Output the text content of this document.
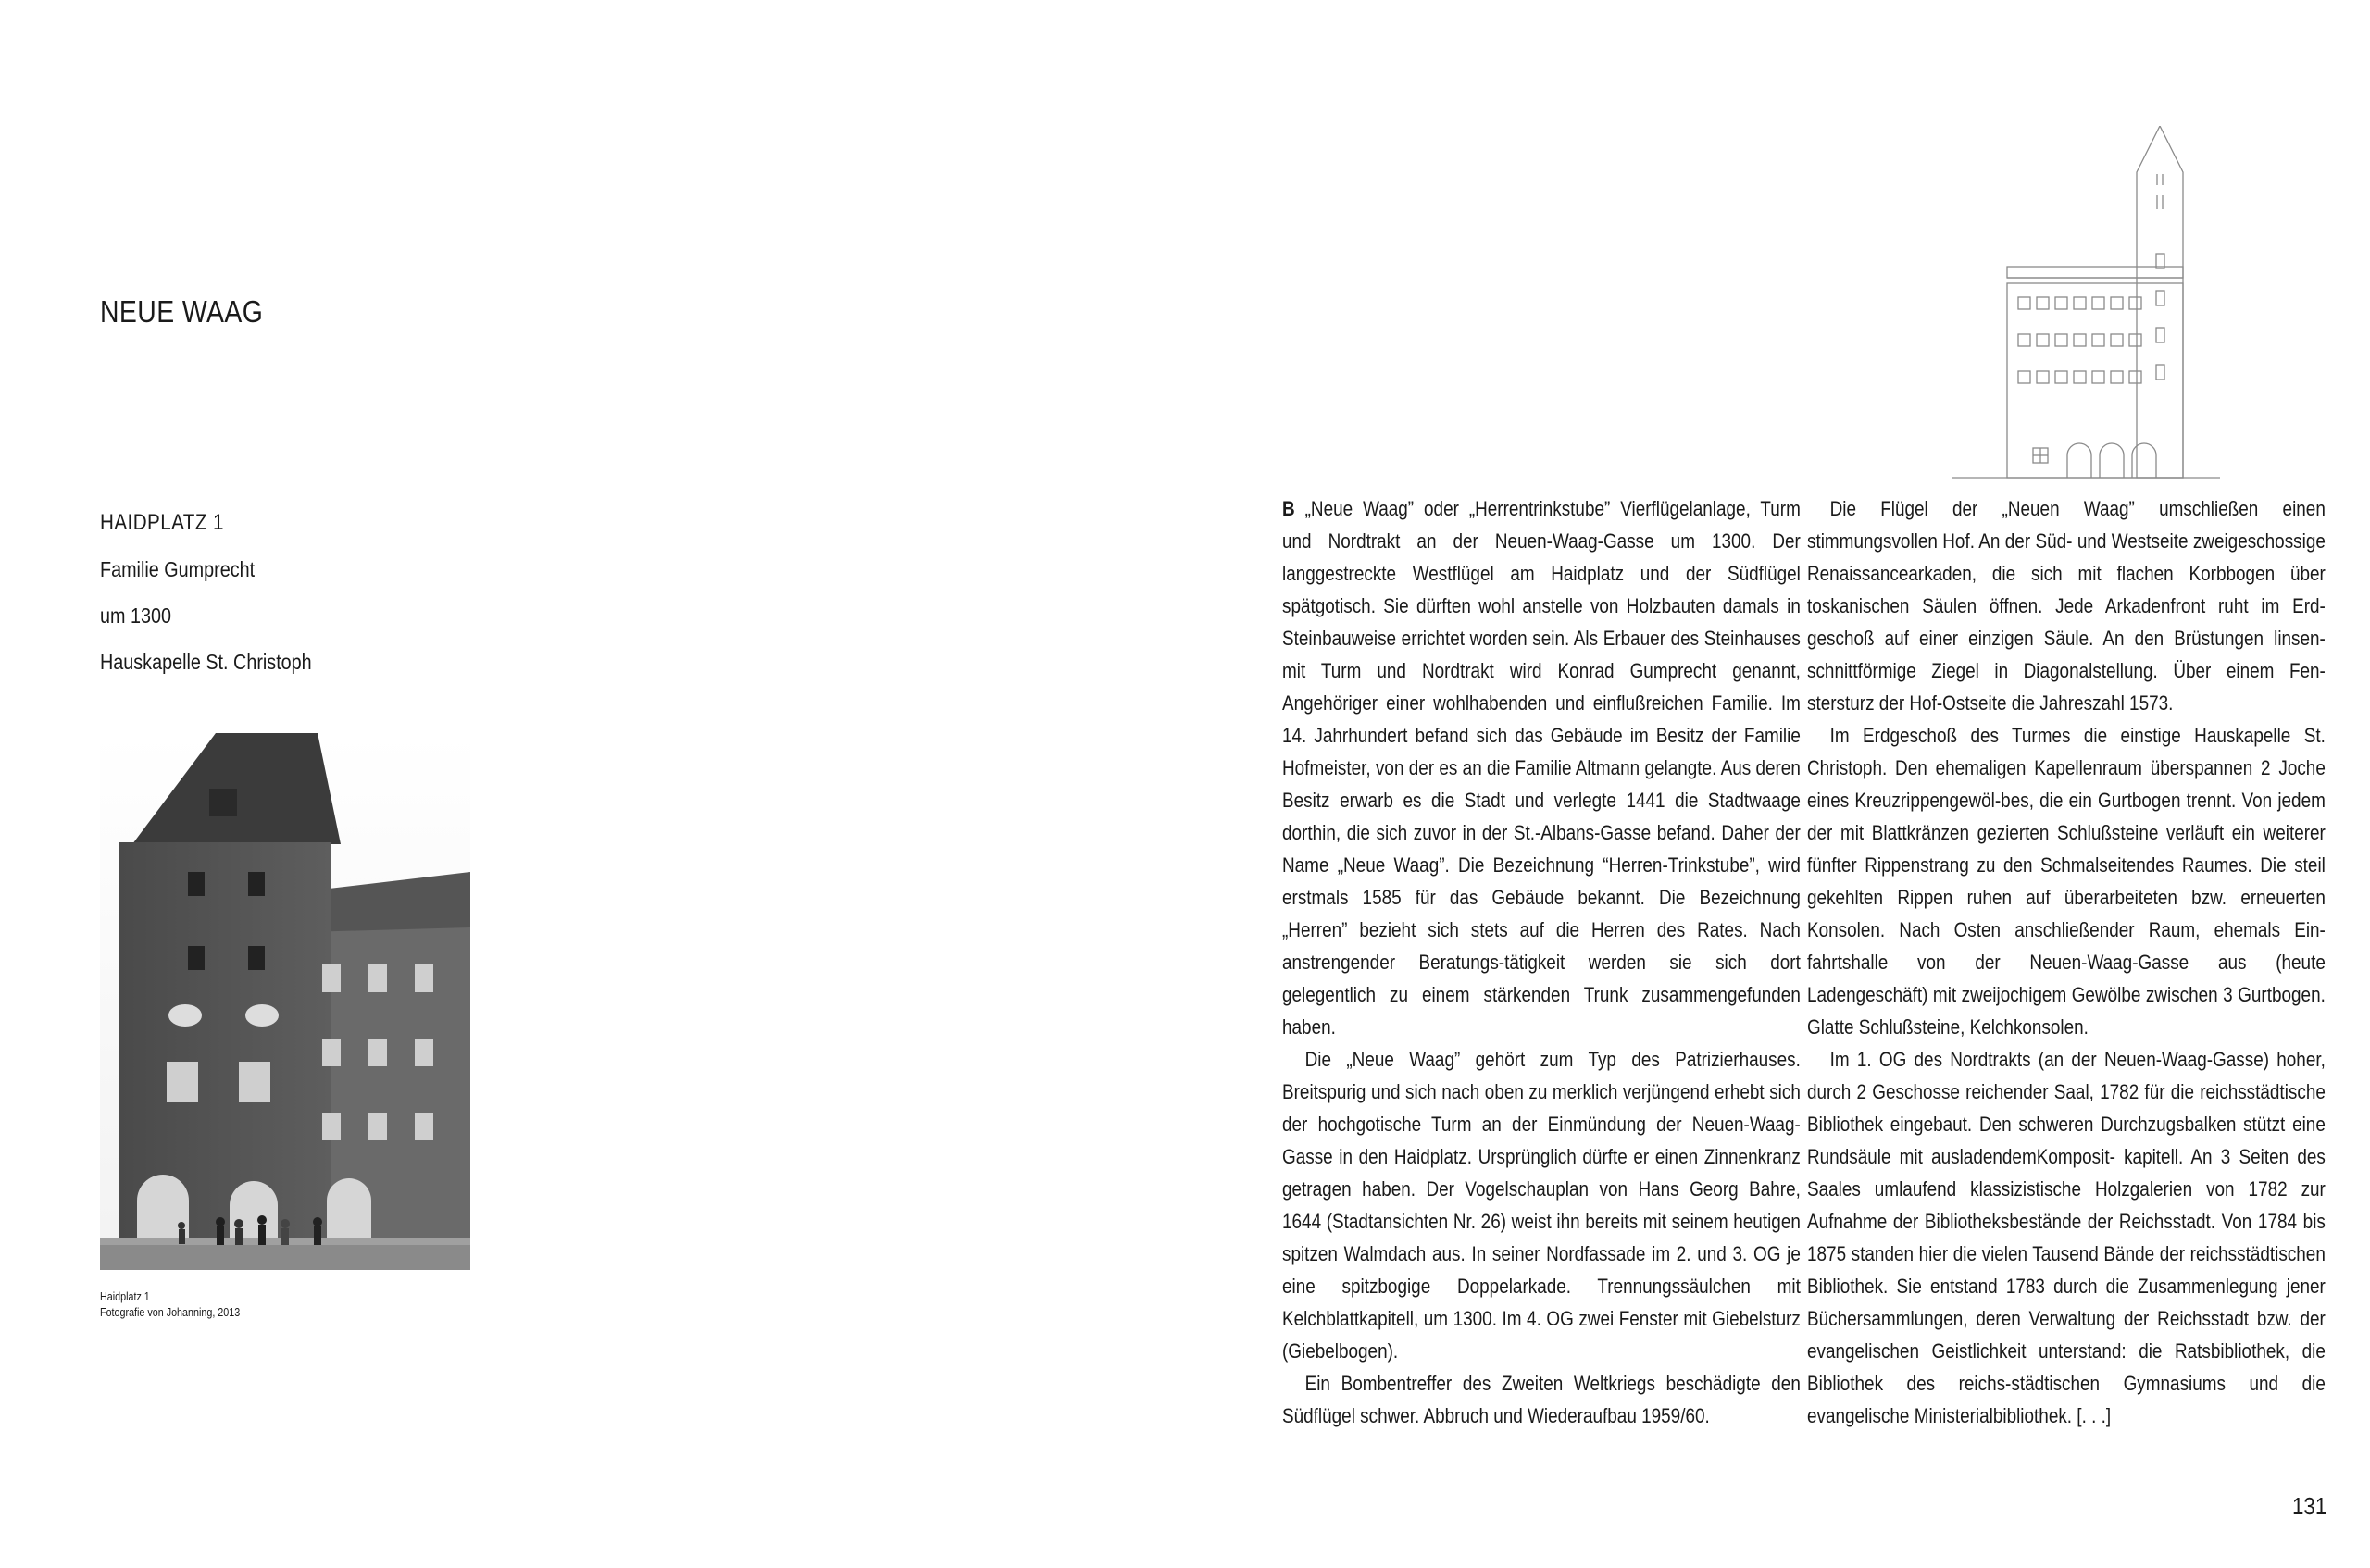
NEUE WAAG
HAIDPLATZ 1
Familie Gumprecht
um 1300
Hauskapelle St. Christoph
Haidplatz 1
Fotografie von Johanning, 2013

B „Neue Waag” oder „Herrentrinkstube” Vierflügelanlage, Turm und Nordtrakt an der Neuen-Waag-Gasse um 1300. Der langgestreckte Westflügel am Haidplatz und der Südflügel spätgotisch. Sie dürften wohl anstelle von Holzbauten damals in Steinbauweise errichtet worden sein. Als Erbauer des Steinhauses mit Turm und Nordtrakt wird Konrad Gumprecht genannt, Angehöriger einer wohlhabenden und einflußreichen Familie. Im 14. Jahrhundert befand sich das Gebäude im Besitz der Familie Hofmeister, von der es an die Familie Altmann gelangte. Aus deren Besitz erwarb es die Stadt und verlegte 1441 die Stadtwaage dorthin, die sich zuvor in der St.-Albans-Gasse befand. Daher der Name „Neue Waag”. Die Bezeichnung “Herren-Trinkstube”, wird erstmals 1585 für das Gebäude bekannt. Die Bezeichnung „Herren” bezieht sich stets auf die Herren des Rates. Nach anstrengender Beratungs-tätigkeit werden sie sich dort gelegentlich zu einem stärkenden Trunk zusammengefunden haben.

Die „Neue Waag” gehört zum Typ des Patrizierhauses. Breitspurig und sich nach oben zu merklich verjüngend erhebt sich der hochgotische Turm an der Einmündung der Neuen-Waag-Gasse in den Haidplatz. Ursprünglich dürfte er einen Zinnenkranz getragen haben. Der Vogelschauplan von Hans Georg Bahre, 1644 (Stadtansichten Nr. 26) weist ihn bereits mit seinem heutigen spitzen Walmdach aus. In seiner Nordfassade im 2. und 3. OG je eine spitzbogige Doppelarkade. Trennungssäulchen mit Kelchblattkapitell, um 1300. Im 4. OG zwei Fenster mit Giebelsturz (Giebelbogen).

Ein Bombentreffer des Zweiten Weltkriegs beschädigte den Südflügel schwer. Abbruch und Wiederaufbau 1959/60.

Die Flügel der „Neuen Waag” umschließen einen stimmungsvollen Hof. An der Süd- und Westseite zweigeschossige Renaissancearkaden, die sich mit flachen Korbbogen über toskanischen Säulen öffnen. Jede Arkadenfront ruht im Erd-geschoß auf einer einzigen Säule. An den Brüstungen linsen-schnittförmige Ziegel in Diagonalstellung. Über einem Fen-stersturz der Hof-Ostseite die Jahreszahl 1573.

Im Erdgeschoß des Turmes die einstige Hauskapelle St. Christoph. Den ehemaligen Kapellenraum überspannen 2 Joche eines Kreuzrippengewöl-bes, die ein Gurtbogen trennt. Von jedem der mit Blattkränzen gezierten Schlußsteine verläuft ein weiterer fünfter Rippenstrang zu den Schmalseitendes Raumes. Die steil gekehlten Rippen ruhen auf überarbeiteten bzw. erneuerten Konsolen. Nach Osten anschließender Raum, ehemals Ein-fahrtshalle von der Neuen-Waag-Gasse aus (heute Ladengeschäft) mit zweijochigem Gewölbe zwischen 3 Gurtbogen. Glatte Schlußsteine, Kelchkonsolen.

Im 1. OG des Nordtrakts (an der Neuen-Waag-Gasse) hoher, durch 2 Geschosse reichender Saal, 1782 für die reichsstädtische Bibliothek eingebaut. Den schweren Durchzugsbalken stützt eine Rundsäule mit ausladendemKomposit- kapitell. An 3 Seiten des Saales umlaufend klassizistische Holzgalerien von 1782 zur Aufnahme der Bibliotheksbestände der Reichsstadt. Von 1784 bis 1875 standen hier die vielen Tausend Bände der reichsstädtischen Bibliothek. Sie entstand 1783 durch die Zusammenlegung jener Büchersammlungen, deren Verwaltung der Reichsstadt bzw. der evangelischen Geistlichkeit unterstand: die Ratsbibliothek, die Bibliothek des reichs-städtischen Gymnasiums und die evangelische Ministerialbibliothek. [. . .]

131
